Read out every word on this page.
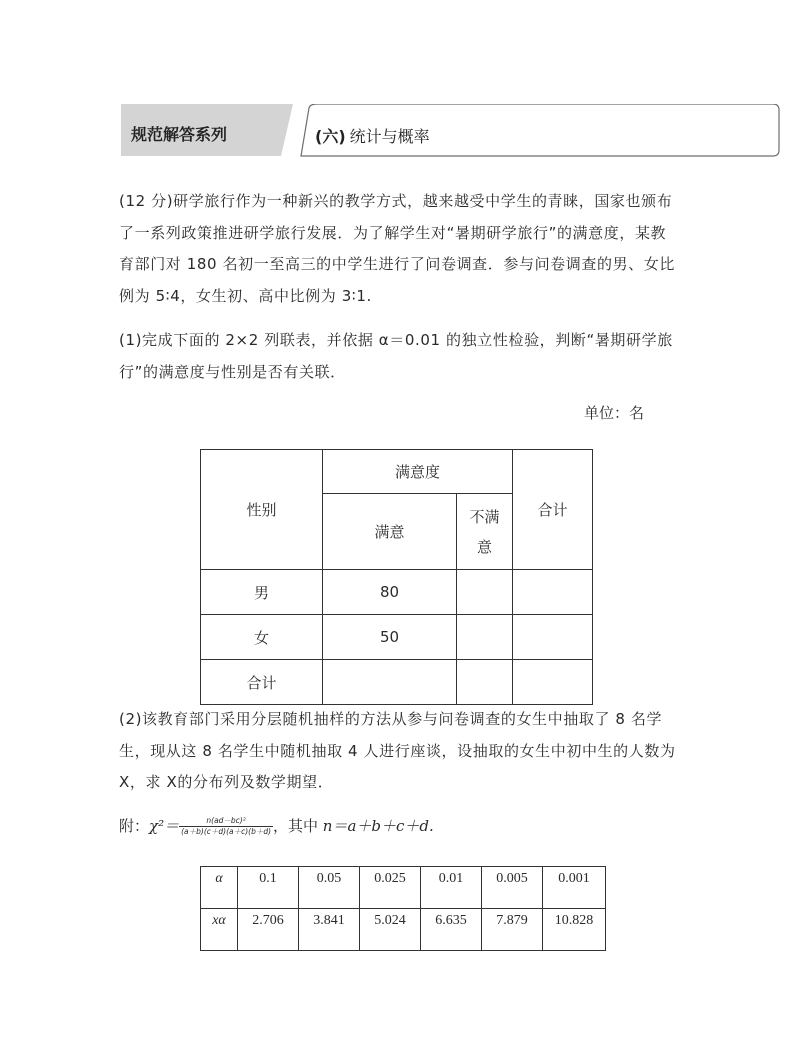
规范解答系列	(六) 统计与概率
(12 分)研学旅行作为一种新兴的教学方式，越来越受中学生的青睐，国家也颁布了一系列政策推进研学旅行发展．为了解学生对“暑期研学旅行”的满意度，某教育部门对 180 名初一至高三的中学生进行了问卷调查．参与问卷调查的男、女比例为 5∶4，女生初、高中比例为 3∶1.
(1)完成下面的 2×2 列联表，并依据 α＝0.01 的独立性检验，判断“暑期研学旅行”的满意度与性别是否有关联．
单位：名
性别	满意度		合计
	满意	不满
意	
男	80		
女	50		
合计			
(2)该教育部门采用分层随机抽样的方法从参与问卷调查的女生中抽取了 8 名学生，现从这 8 名学生中随机抽取 4 人进行座谈，设抽取的女生中初中生的人数为 X，求 X的分布列及数学期望．
附：$\chi^2= \frac{\text{n(ad－bc)²}}{(a+b)(c+d)(a+c)(b+d)}$ ，其中 n＝a＋b＋c＋d.
α	0.1	0.05	0.025	0.01	0.005	0.001
xα	2.706	3.841	5.024	6.635	7.879	10.828
